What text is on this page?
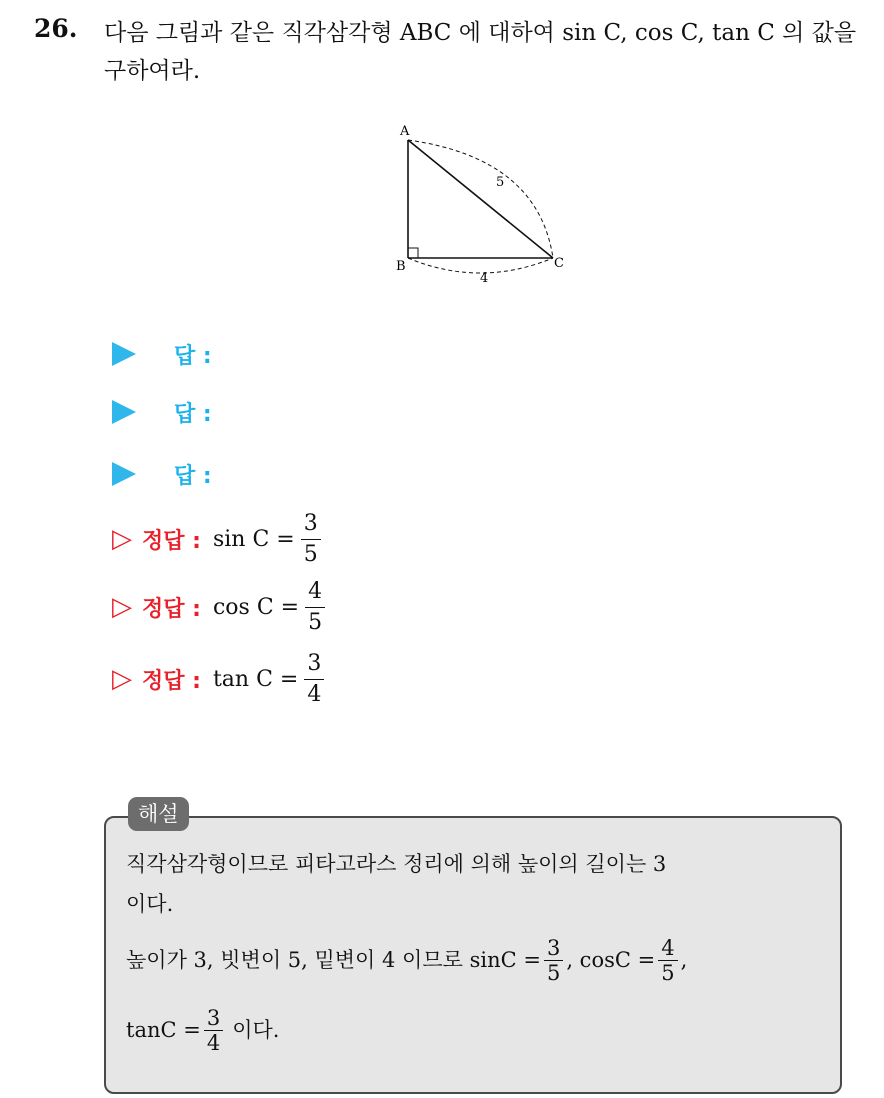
26. 다음 그림과 같은 직각삼각형 ABC 에 대하여 sin C, cos C, tan C 의 값을 구하여라.
A
B	C
5
4
답 :
답 :
답 :
▷ 정답 : $\sin C = \frac{3}{5}$
▷ 정답 : $\cos C = \frac{4}{5}$
▷ 정답 : $\tan C = \frac{3}{4}$
해설
직각삼각형이므로 피타고라스 정리에 의해 높이의 길이는 3
이다.
높이가 3, 빗변이 5, 밑변이 4 이므로 $\sin C = \frac{3}{5}$ , $\cos C = \frac{4}{5}$ ,
$\tan C = \frac{3}{4}$ 이다.
